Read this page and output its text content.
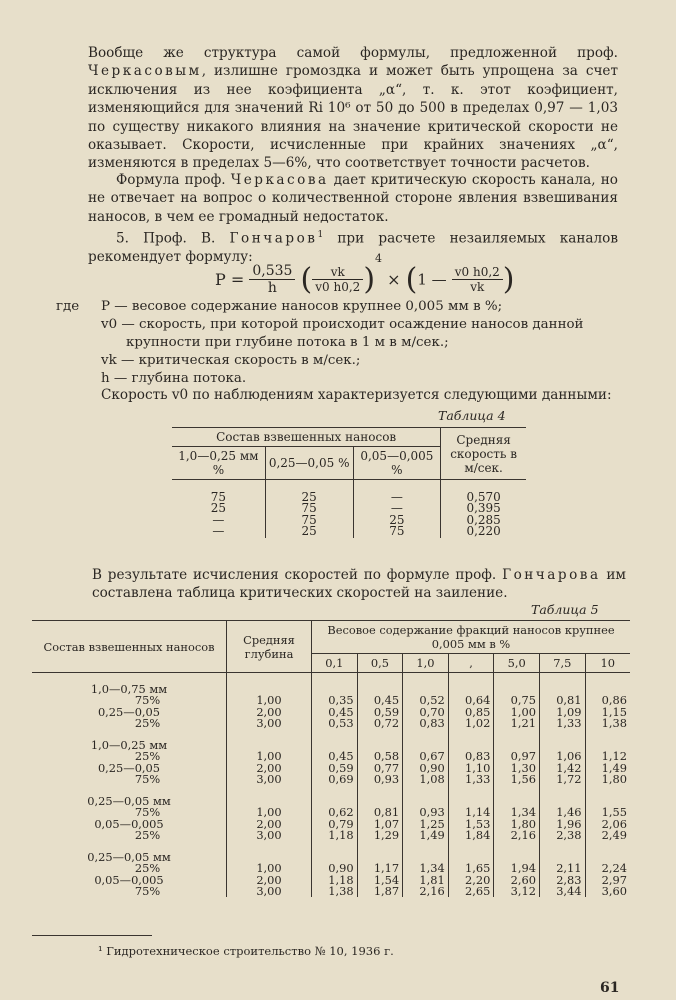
Вообще же структура самой формулы, предложенной проф. Черкасовым, излишне громоздка и может быть упрощена за счет исключения из нее коэфициента „α“, т. к. этот коэфициент, изменяющийся для значений Ri 10⁶ от 50 до 500 в пределах 0,97 — 1,03 по существу никакого влияния на значение критической скорости не оказывает. Скорости, исчисленные при крайних значениях „α“, изменяются в пределах 5—6%, что соответствует точности расчетов.
Формула проф. Черкасова дает критическую скорость канала, но не отвечает на вопрос о количественной стороне явления взвешивания наносов, в чем ее громадный недостаток.
5. Проф. В. Гончаров$^1$ при расчете незаиляемых каналов рекомендует формулу:
$P = \frac{0,535}{h}$ ( $\frac{vk}{v0 h0,2} )^4 \times (1$ — $\frac{v0 h0,2}{vk}$ )
где P — весовое содержание наносов крупнее 0,005 мм в %;
v0 — скорость, при которой происходит осаждение наносов данной
крупности при глубине потока в 1 м в м/сек.;
vk — критическая скорость в м/сек.;
h — глубина потока.
Скорость v0 по наблюдениям характеризуется следующими данными:
Таблица 4
Состав взвешенных наносов			Средняя скорость в м/сек.
1,0—0,25 мм %	0,25—0,05 %	0,05—0,005 %	

75	25	—	0,570
25	75	—	0,395
—	75	25	0,285
—	25	75	0,220
В результате исчисления скоростей по формуле проф. Гончарова им составлена таблица критических скоростей на заиление.
Таблица 5
Состав взвешенных наносов	Средняя глубина	Весовое содержание фракций наносов крупнее 0,005 мм в %						
		0,1	0,5	1,0	,	5,0	7,5	10

1,0—0,75 мм								
75%	1,00	0,35	0,45	0,52	0,64	0,75	0,81	0,86
0,25—0,05	2,00	0,45	0,59	0,70	0,85	1,00	1,09	1,15
25%	3,00	0,53	0,72	0,83	1,02	1,21	1,33	1,38

1,0—0,25 мм								
25%	1,00	0,45	0,58	0,67	0,83	0,97	1,06	1,12
0,25—0,05	2,00	0,59	0,77	0,90	1,10	1,30	1,42	1,49
75%	3,00	0,69	0,93	1,08	1,33	1,56	1,72	1,80

0,25—0,05 мм								
75%	1,00	0,62	0,81	0,93	1,14	1,34	1,46	1,55
0,05—0,005	2,00	0,79	1,07	1,25	1,53	1,80	1,96	2,06
25%	3,00	1,18	1,29	1,49	1,84	2,16	2,38	2,49

0,25—0,05 мм								
25%	1,00	0,90	1,17	1,34	1,65	1,94	2,11	2,24
0,05—0,005	2,00	1,18	1,54	1,81	2,20	2,60	2,83	2,97
75%	3,00	1,38	1,87	2,16	2,65	3,12	3,44	3,60
¹ Гидротехническое строительство № 10, 1936 г.
61
